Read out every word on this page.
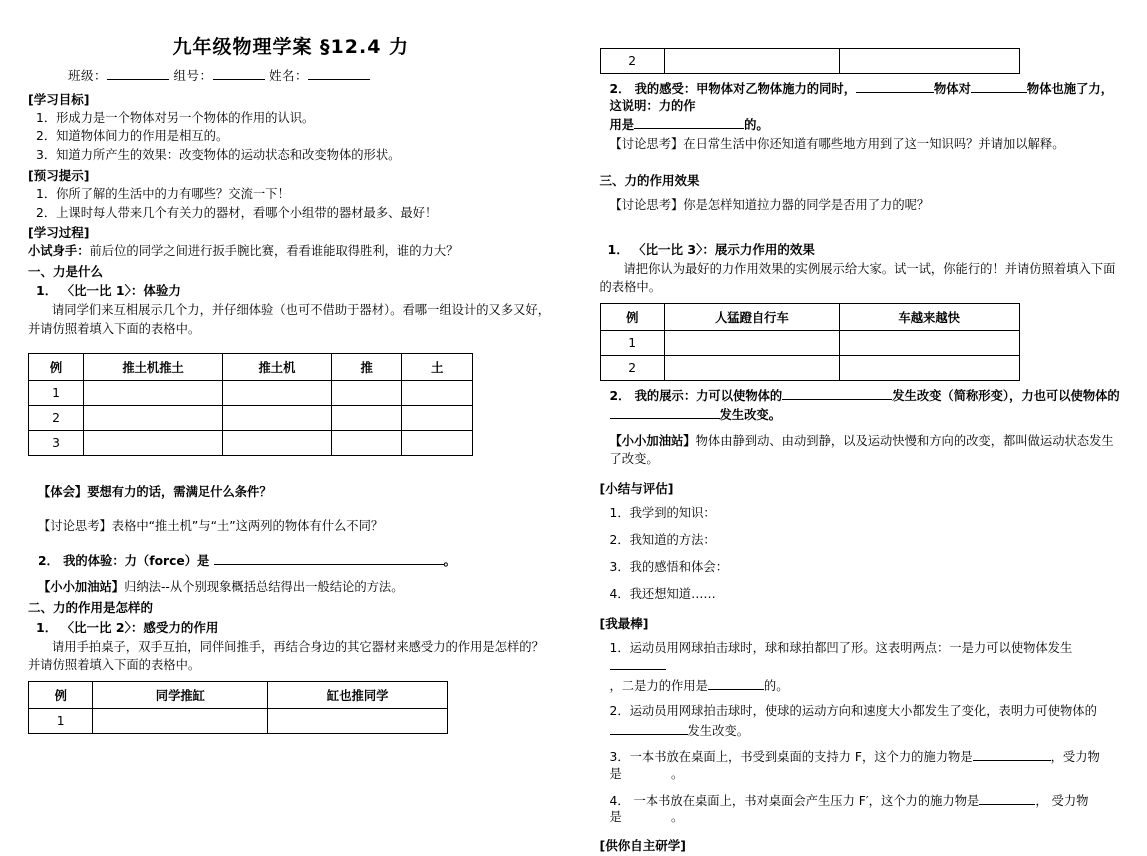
九年级物理学案 §12.4 力

班级：	组号：	姓名：

[学习目标]

1．形成力是一个物体对另一个物体的作用的认识。

2．知道物体间力的作用是相互的。

3．知道力所产生的效果：改变物体的运动状态和改变物体的形状。

[预习提示]

1．你所了解的生活中的力有哪些？交流一下！

2．上课时每人带来几个有关力的器材，看哪个小组带的器材最多、最好！

[学习过程]

小试身手：前后位的同学之间进行扳手腕比赛，看看谁能取得胜利，谁的力大？

一、力是什么

1． 〈比一比 1〉：体验力

请同学们来互相展示几个力，并仔细体验（也可不借助于器材）。看哪一组设计的又多又好，并请仿照着填入下面的表格中。

例	推土机推土	推土机	推	土
1				
2				
3				

【体会】要想有力的话，需满足什么条件？

【讨论思考】表格中“推土机”与“土”这两列的物体有什么不同？

2． 我的体验：力（force）是	。

【小小加油站】归纳法--从个别现象概括总结得出一般结论的方法。

二、力的作用是怎样的

1． 〈比一比 2〉：感受力的作用

请用手拍桌子，双手互拍，同伴间推手，再结合身边的其它器材来感受力的作用是怎样的？并请仿照着填入下面的表格中。

例	同学推缸	缸也推同学
1		
2		

2． 我的感受：甲物体对乙物体施力的同时，	物体对	物体也施了力，这说明：力的作

用是	的。

【讨论思考】在日常生活中你还知道有哪些地方用到了这一知识吗？并请加以解释。

三、力的作用效果

【讨论思考】你是怎样知道拉力器的同学是否用了力的呢？

1． 〈比一比 3〉：展示力作用的效果

请把你认为最好的力作用效果的实例展示给大家。试一试，你能行的！并请仿照着填入下面的表格中。

例	人猛蹬自行车	车越来越快
1		
2		

2． 我的展示：力可以使物体的	发生改变（简称形变），力也可以使物体的

发生改变。

【小小加油站】物体由静到动、由动到静，以及运动快慢和方向的改变，都叫做运动状态发生了改变。

[小结与评估]

1．我学到的知识：

2．我知道的方法：

3．我的感悟和体会：

4．我还想知道……

[我最棒]

1．运动员用网球拍击球时，球和球拍都凹了形。这表明两点：一是力可以使物体发生

，二是力的作用是	的。

2．运动员用网球拍击球时，使球的运动方向和速度大小都发生了变化，表明力可使物体的

发生改变。

3．一本书放在桌面上，书受到桌面的支持力 F，这个力的施力物是	，受力物是　　　　。

4． 一本书放在桌面上，书对桌面会产生压力 F′，这个力的施力物是	， 受力物是　　　　。

[供你自主研学]
